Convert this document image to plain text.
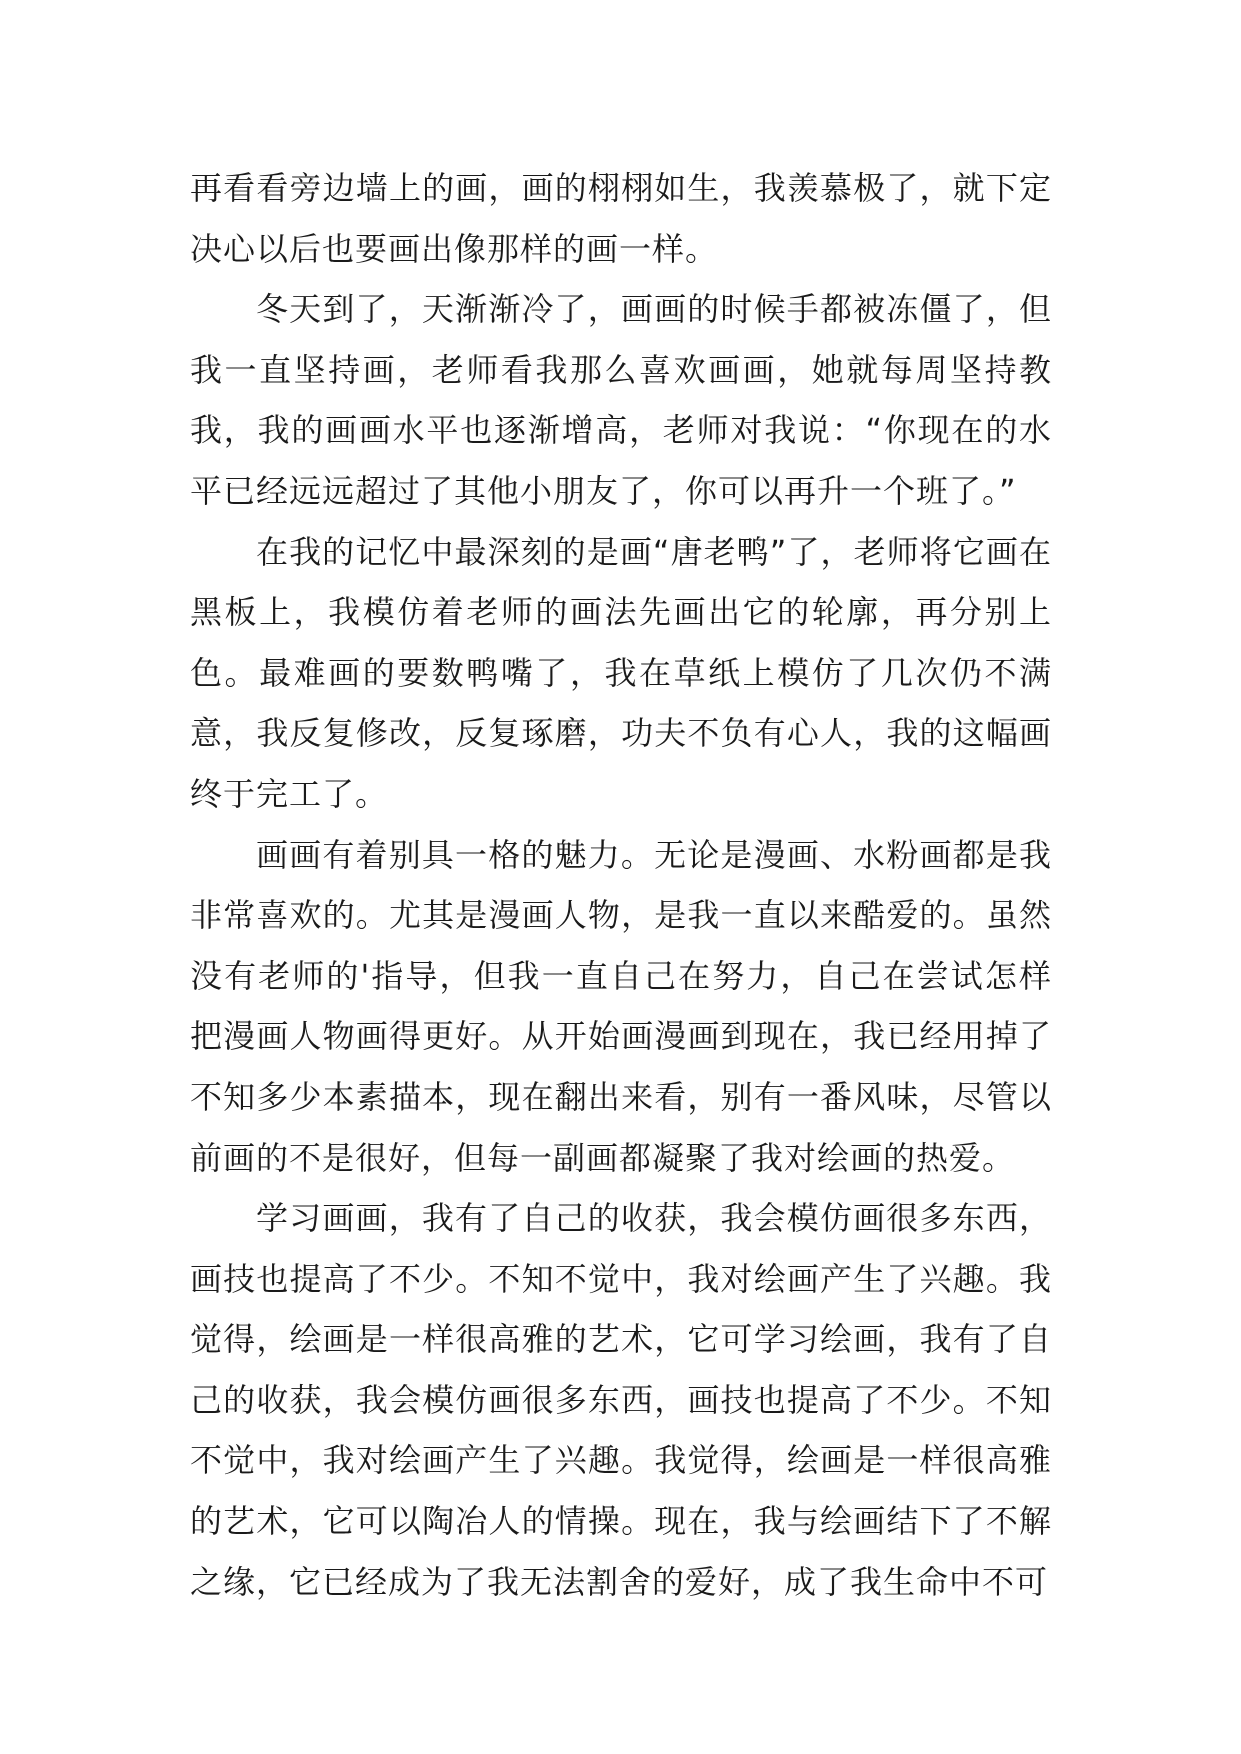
再看看旁边墙上的画，画的栩栩如生，我羡慕极了，就下定决心以后也要画出像那样的画一样。

冬天到了，天渐渐冷了，画画的时候手都被冻僵了，但我一直坚持画，老师看我那么喜欢画画，她就每周坚持教我，我的画画水平也逐渐增高，老师对我说：“你现在的水平已经远远超过了其他小朋友了，你可以再升一个班了。”

在我的记忆中最深刻的是画“唐老鸭”了，老师将它画在黑板上，我模仿着老师的画法先画出它的轮廓，再分别上色。最难画的要数鸭嘴了，我在草纸上模仿了几次仍不满意，我反复修改，反复琢磨，功夫不负有心人，我的这幅画终于完工了。

画画有着别具一格的魅力。无论是漫画、水粉画都是我非常喜欢的。尤其是漫画人物，是我一直以来酷爱的。虽然没有老师的'指导，但我一直自己在努力，自己在尝试怎样把漫画人物画得更好。从开始画漫画到现在，我已经用掉了不知多少本素描本，现在翻出来看，别有一番风味，尽管以前画的不是很好，但每一副画都凝聚了我对绘画的热爱。

学习画画，我有了自己的收获，我会模仿画很多东西，画技也提高了不少。不知不觉中，我对绘画产生了兴趣。我觉得，绘画是一样很高雅的艺术，它可学习绘画，我有了自己的收获，我会模仿画很多东西，画技也提高了不少。不知不觉中，我对绘画产生了兴趣。我觉得，绘画是一样很高雅的艺术，它可以陶冶人的情操。现在，我与绘画结下了不解之缘，它已经成为了我无法割舍的爱好，成了我生命中不可
